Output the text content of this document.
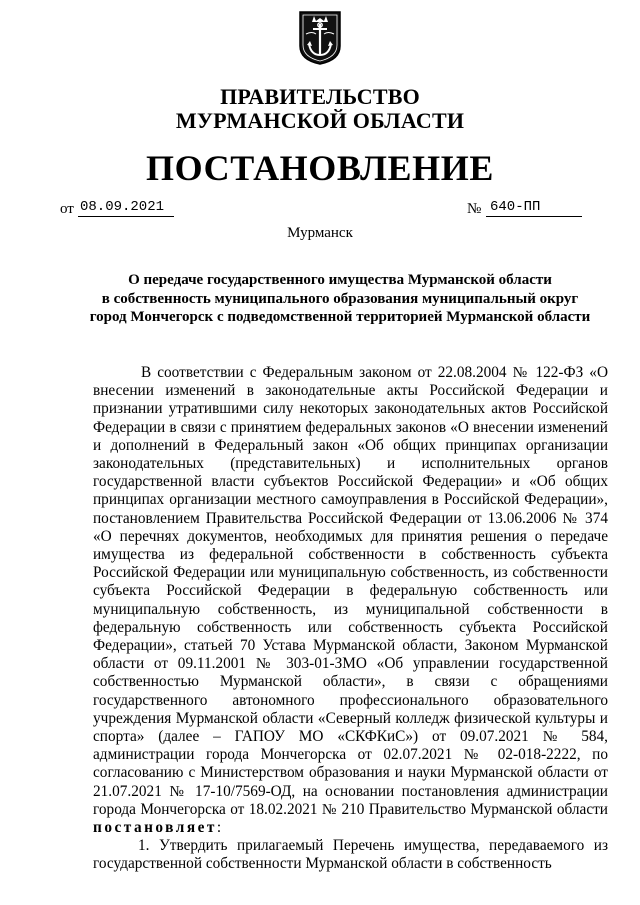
ПРАВИТЕЛЬСТВО
МУРМАНСКОЙ ОБЛАСТИ
ПОСТАНОВЛЕНИЕ
от 08.09.2021	№ 640-ПП
Мурманск
О передаче государственного имущества Мурманской области
в собственность муниципального образования муниципальный округ
город Мончегорск с подведомственной территорией Мурманской области

В соответствии с Федеральным законом от 22.08.2004 № 122-ФЗ «О внесении изменений в законодательные акты Российской Федерации и признании утратившими силу некоторых законодательных актов Российской Федерации в связи с принятием федеральных законов «О внесении изменений и дополнений в Федеральный закон «Об общих принципах организации законодательных (представительных) и исполнительных органов государственной власти субъектов Российской Федерации» и «Об общих принципах организации местного самоуправления в Российской Федерации», постановлением Правительства Российской Федерации от 13.06.2006 № 374 «О перечнях документов, необходимых для принятия решения о передаче имущества из федеральной собственности в собственность субъекта Российской Федерации или муниципальную собственность, из собственности субъекта Российской Федерации в федеральную собственность или муниципальную собственность, из муниципальной собственности в федеральную собственность или собственность субъекта Российской Федерации», статьей 70 Устава Мурманской области, Законом Мурманской области от 09.11.2001 № 303-01-ЗМО «Об управлении государственной собственностью Мурманской области», в связи с обращениями государственного автономного профессионального образовательного учреждения Мурманской области «Северный колледж физической культуры и спорта» (далее – ГАПОУ МО «СКФКиС») от 09.07.2021 № 584, администрации города Мончегорска от 02.07.2021 № 02-018-2222, по согласованию с Министерством образования и науки Мурманской области от 21.07.2021 № 17-10/7569-ОД, на основании постановления администрации города Мончегорска от 18.02.2021 № 210 Правительство Мурманской области постановляет:

1. Утвердить прилагаемый Перечень имущества, передаваемого из государственной собственности Мурманской области в собственность
